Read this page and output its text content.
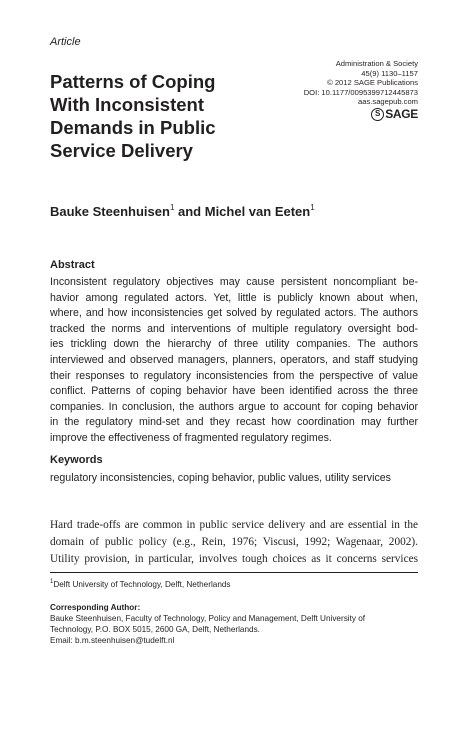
Article
Patterns of Coping
With Inconsistent
Demands in Public
Service Delivery
Administration & Society
45(9) 1130–1157
© 2012 SAGE Publications
DOI: 10.1177/0095399712445873
aas.sagepub.com
S SAGE
Bauke Steenhuisen$^1$ and Michel van Eeten$^1$
Abstract
Inconsistent regulatory objectives may cause persistent noncompliant be-
havior among regulated actors. Yet, little is publicly known about when,
where, and how inconsistencies get solved by regulated actors. The authors
tracked the norms and interventions of multiple regulatory oversight bod-
ies trickling down the hierarchy of three utility companies. The authors
interviewed and observed managers, planners, operators, and staff studying
their responses to regulatory inconsistencies from the perspective of value
conflict. Patterns of coping behavior have been identified across the three
companies. In conclusion, the authors argue to account for coping behavior
in the regulatory mind-set and they recast how coordination may further
improve the effectiveness of fragmented regulatory regimes.
Keywords
regulatory inconsistencies, coping behavior, public values, utility services
Hard trade-offs are common in public service delivery and are essential in the
domain of public policy (e.g., Rein, 1976; Viscusi, 1992; Wagenaar, 2002).
Utility provision, in particular, involves tough choices as it concerns services
$^1$Delft University of Technology, Delft, Netherlands
Corresponding Author:
Bauke Steenhuisen, Faculty of Technology, Policy and Management, Delft University of
Technology, P.O. BOX 5015, 2600 GA, Delft, Netherlands.
Email: b.m.steenhuisen@tudelft.nl
